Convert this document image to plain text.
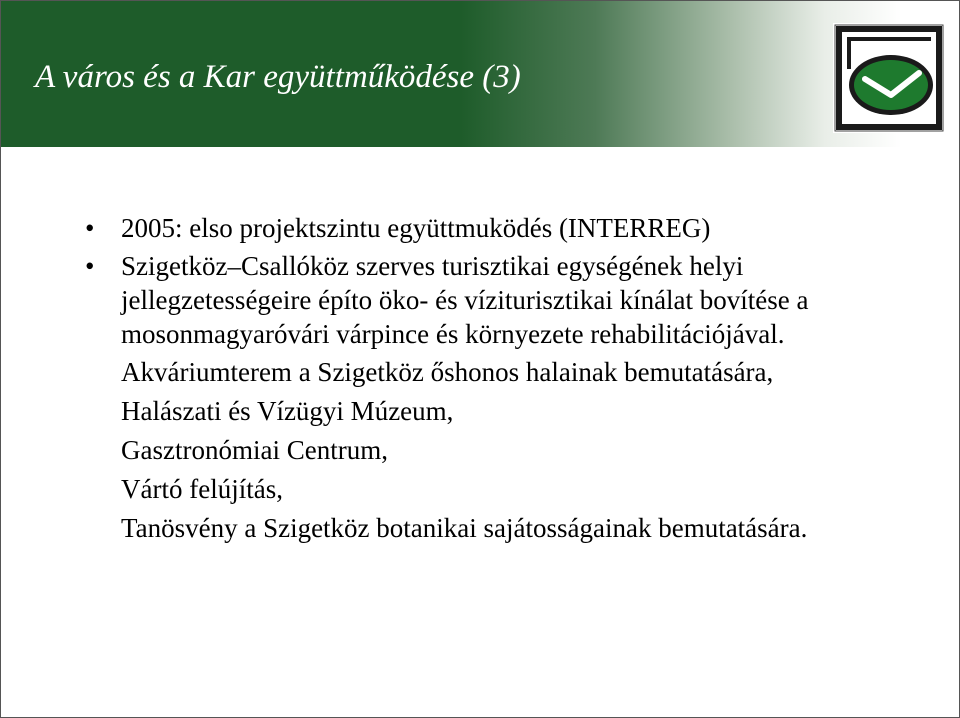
A város és a Kar együttműködése (3)
• 2005: elso projektszintu együttmuködés (INTERREG)
• Szigetköz–Csallóköz szerves turisztikai egységének helyi jellegzetességeire építo öko- és víziturisztikai kínálat bovítése a mosonmagyaróvári várpince és környezete rehabilitációjával.
Akváriumterem a Szigetköz őshonos halainak bemutatására,
Halászati és Vízügyi Múzeum,
Gasztronómiai Centrum,
Vártó felújítás,
Tanösvény a Szigetköz botanikai sajátosságainak bemutatására.
